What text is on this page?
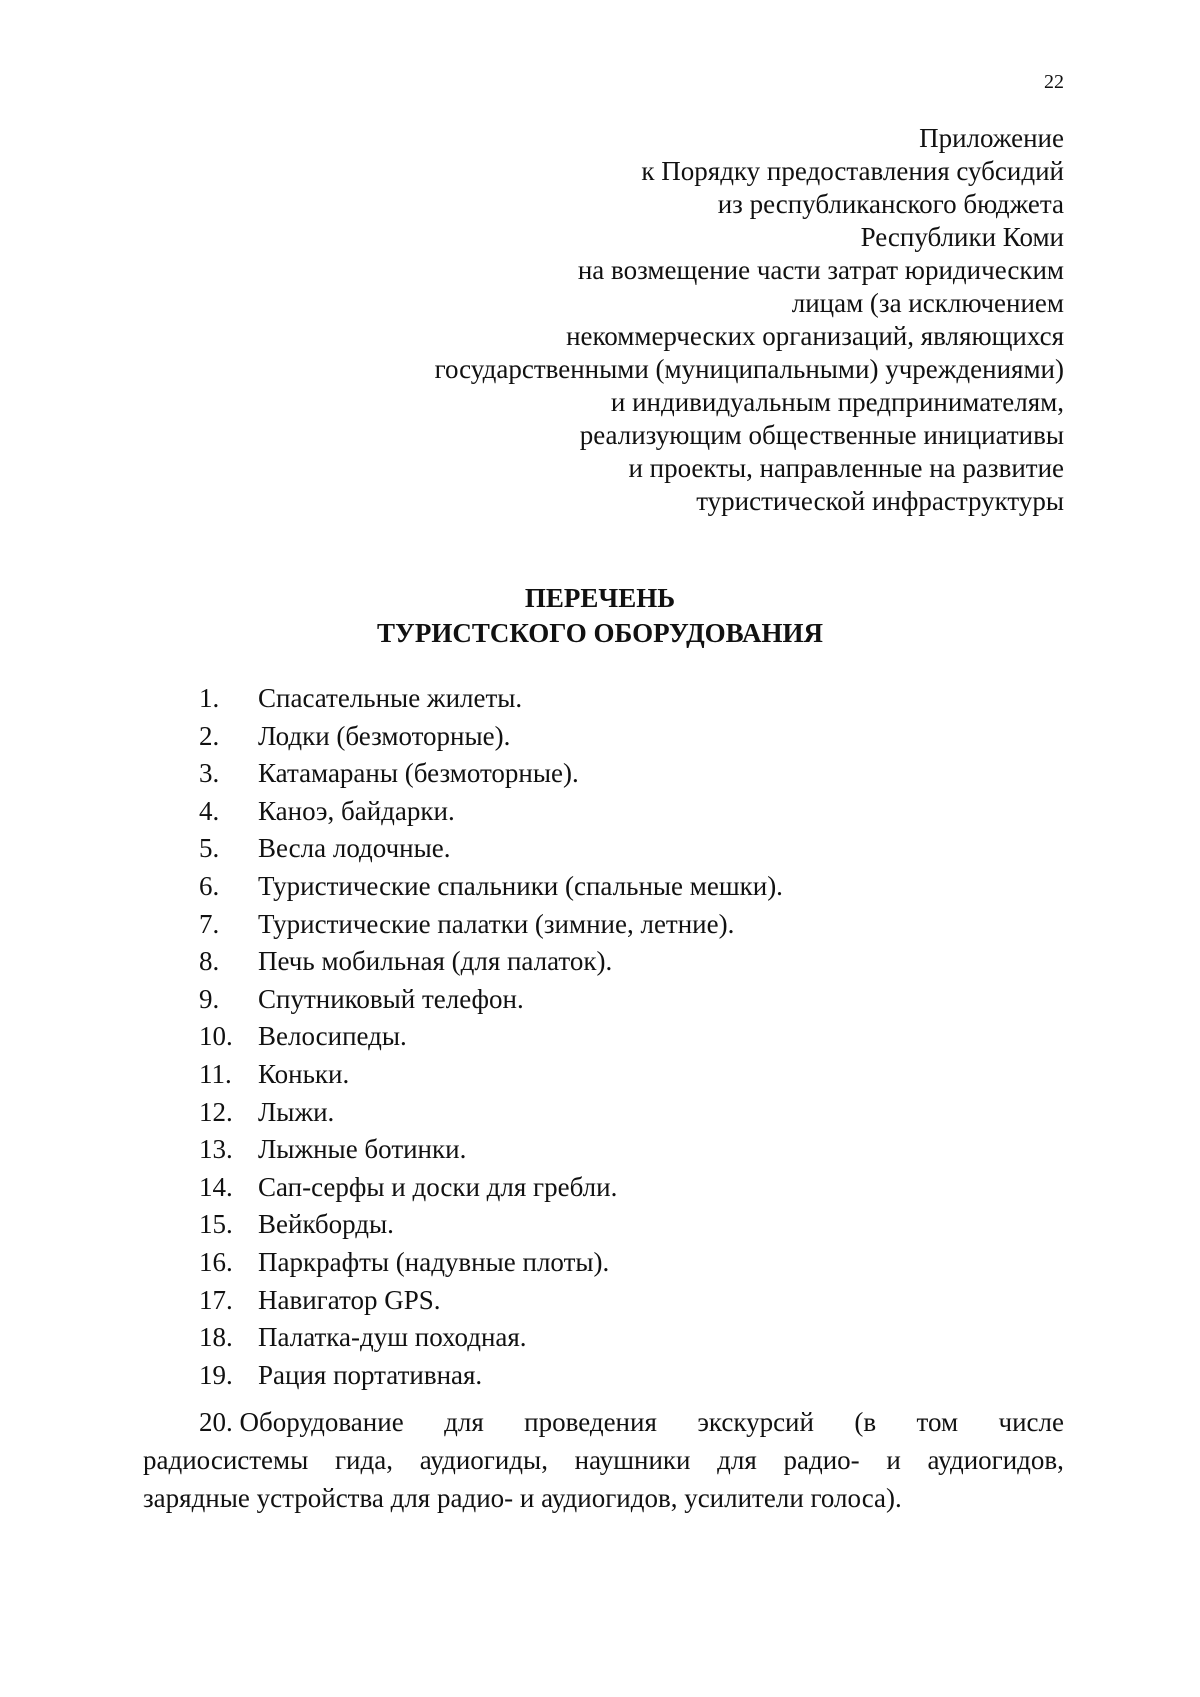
22
Приложение
к Порядку предоставления субсидий
из республиканского бюджета
Республики Коми
на возмещение части затрат юридическим
лицам (за исключением
некоммерческих организаций, являющихся
государственными (муниципальными) учреждениями)
и индивидуальным предпринимателям,
реализующим общественные инициативы
и проекты, направленные на развитие
туристической инфраструктуры
ПЕРЕЧЕНЬ
ТУРИСТСКОГО ОБОРУДОВАНИЯ
1.	Спасательные жилеты.
2.	Лодки (безмоторные).
3.	Катамараны (безмоторные).
4.	Каноэ, байдарки.
5.	Весла лодочные.
6.	Туристические спальники (спальные мешки).
7.	Туристические палатки (зимние, летние).
8.	Печь мобильная (для палаток).
9.	Спутниковый телефон.
10. Велосипеды.
11. Коньки.
12. Лыжи.
13. Лыжные ботинки.
14. Сап-серфы и доски для гребли.
15. Вейкборды.
16. Паркрафты (надувные плоты).
17. Навигатор GPS.
18. Палатка-душ походная.
19. Рация портативная.
20. Оборудование для проведения экскурсий (в том числе
радиосистемы гида, аудиогиды, наушники для радио- и аудиогидов,
зарядные устройства для радио- и аудиогидов, усилители голоса).
